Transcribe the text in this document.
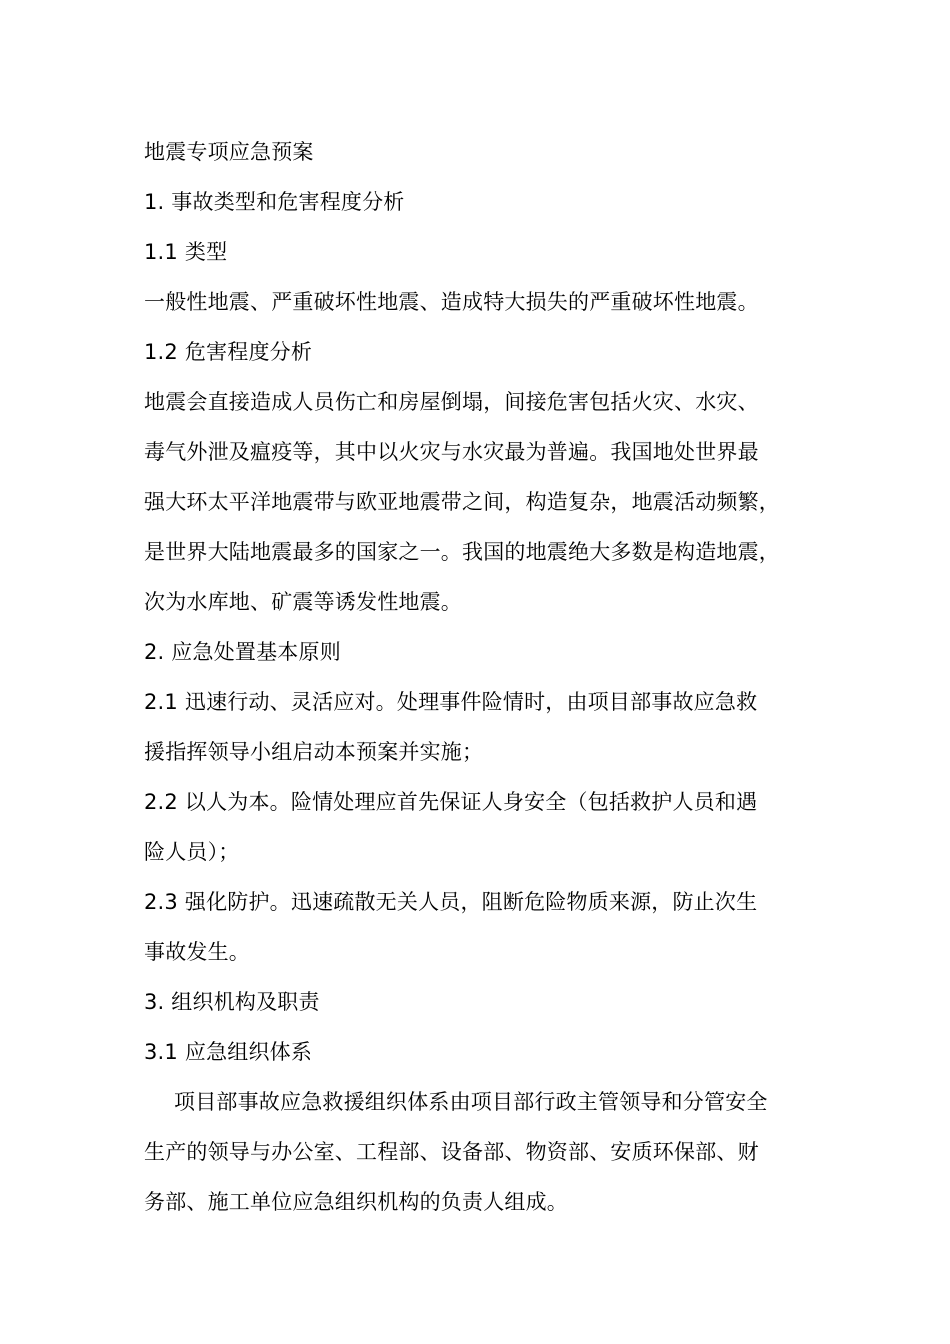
地震专项应急预案
1. 事故类型和危害程度分析
1.1 类型
一般性地震、严重破坏性地震、造成特大损失的严重破坏性地震。
1.2 危害程度分析
地震会直接造成人员伤亡和房屋倒塌，间接危害包括火灾、水灾、
毒气外泄及瘟疫等，其中以火灾与水灾最为普遍。我国地处世界最
强大环太平洋地震带与欧亚地震带之间，构造复杂，地震活动频繁，
是世界大陆地震最多的国家之一。我国的地震绝大多数是构造地震，
次为水库地、矿震等诱发性地震。
2. 应急处置基本原则
2.1 迅速行动、灵活应对。处理事件险情时，由项目部事故应急救
援指挥领导小组启动本预案并实施；
2.2 以人为本。险情处理应首先保证人身安全（包括救护人员和遇
险人员）；
2.3 强化防护。迅速疏散无关人员，阻断危险物质来源，防止次生
事故发生。
3. 组织机构及职责
3.1 应急组织体系
项目部事故应急救援组织体系由项目部行政主管领导和分管安全
生产的领导与办公室、工程部、设备部、物资部、安质环保部、财
务部、施工单位应急组织机构的负责人组成。
